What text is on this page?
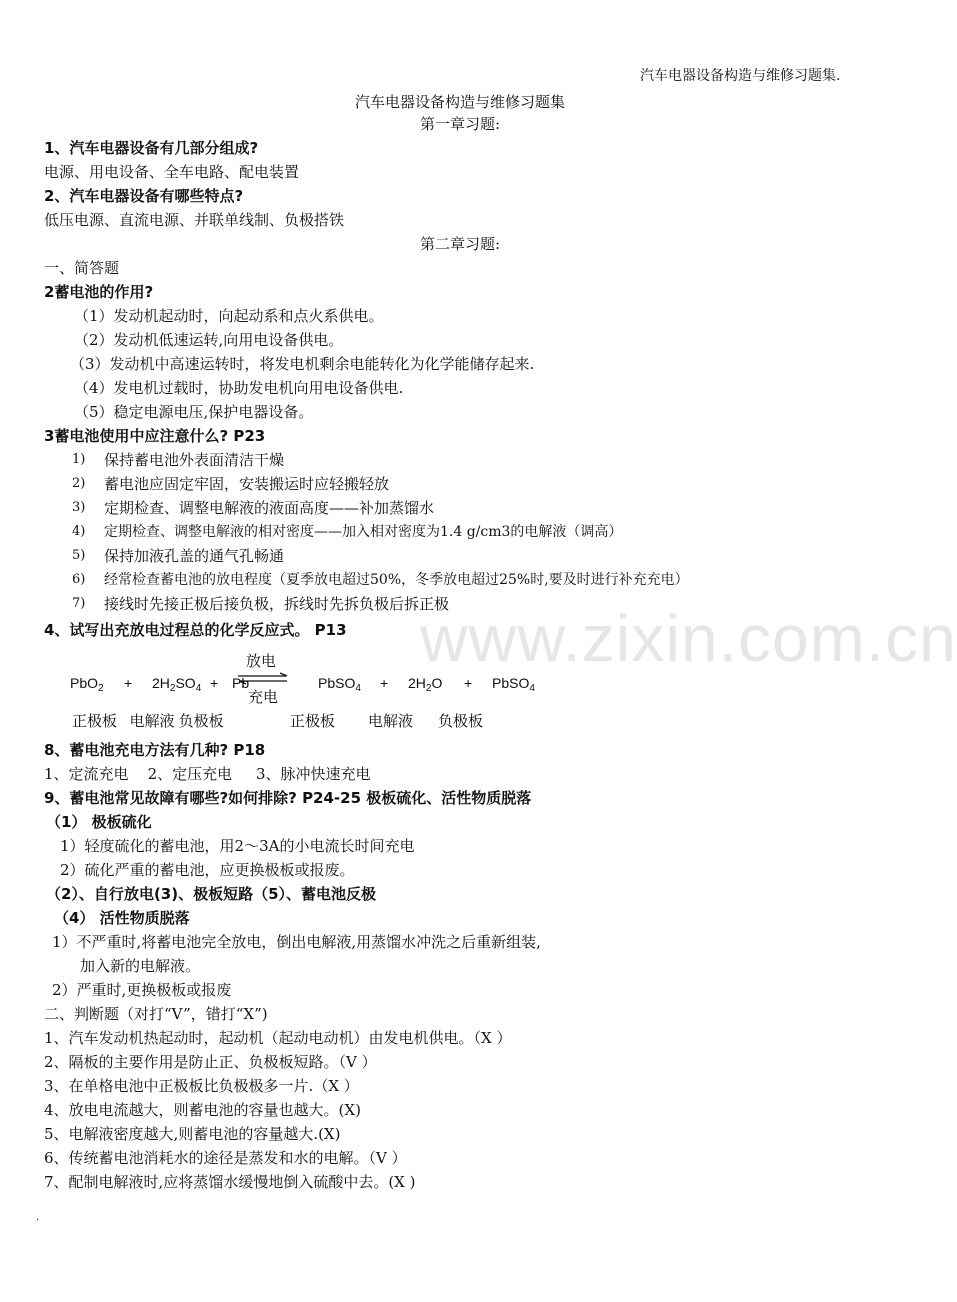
www.zixin.com.cn
汽车电器设备构造与维修习题集.
汽车电器设备构造与维修习题集
第一章习题:
1、汽车电器设备有几部分组成?
电源、用电设备、全车电路、配电装置
2、汽车电器设备有哪些特点?
低压电源、直流电源、并联单线制、负极搭铁
第二章习题:
一、简答题
2蓄电池的作用?
（1）发动机起动时，向起动系和点火系供电。
（2）发动机低速运转,向用电设备供电。
（3）发动机中高速运转时，将发电机剩余电能转化为化学能储存起来.
（4）发电机过载时，协助发电机向用电设备供电.
（5）稳定电源电压,保护电器设备。
3蓄电池使用中应注意什么? P23
1) 保持蓄电池外表面清洁干燥
2) 蓄电池应固定牢固，安装搬运时应轻搬轻放
3) 定期检查、调整电解液的液面高度——补加蒸馏水
4) 定期检查、调整电解液的相对密度——加入相对密度为1.4 g/cm3的电解液（调高）
5) 保持加液孔盖的通气孔畅通
6) 经常检查蓄电池的放电程度（夏季放电超过50%，冬季放电超过25%时,要及时进行补充充电）
7) 接线时先接正极后接负极，拆线时先拆负极后拆正极
4、试写出充放电过程总的化学反应式。 P13
放电
充电
$PbO_2 + 2H_2SO_4 + Pb$	PbSO$_4$ + $2H_2O$ + PbSO$_4$
正极板   电解液 负极板	正极板 电解液 负极板
8、蓄电池充电方法有几种? P18
1、定流充电    2、定压充电     3、脉冲快速充电
9、蓄电池常见故障有哪些?如何排除? P24-25 极板硫化、活性物质脱落
（1） 极板硫化
1）轻度硫化的蓄电池，用2～3A的小电流长时间充电
2）硫化严重的蓄电池，应更换极板或报废。
（2）、自行放电(3)、极板短路（5）、蓄电池反极
（4） 活性物质脱落
1）不严重时,将蓄电池完全放电，倒出电解液,用蒸馏水冲洗之后重新组装,
加入新的电解液。
2）严重时,更换极板或报废
二、判断题（对打“V”，错打“X”)
1、汽车发动机热起动时，起动机（起动电动机）由发电机供电。（X ）
2、隔板的主要作用是防止正、负极板短路。（V ）
3、在单格电池中正极板比负极极多一片.（X ）
4、放电电流越大，则蓄电池的容量也越大。(X)
5、电解液密度越大,则蓄电池的容量越大.(X)
6、传统蓄电池消耗水的途径是蒸发和水的电解。（V ）
7、配制电解液时,应将蒸馏水缓慢地倒入硫酸中去。(X )
.
